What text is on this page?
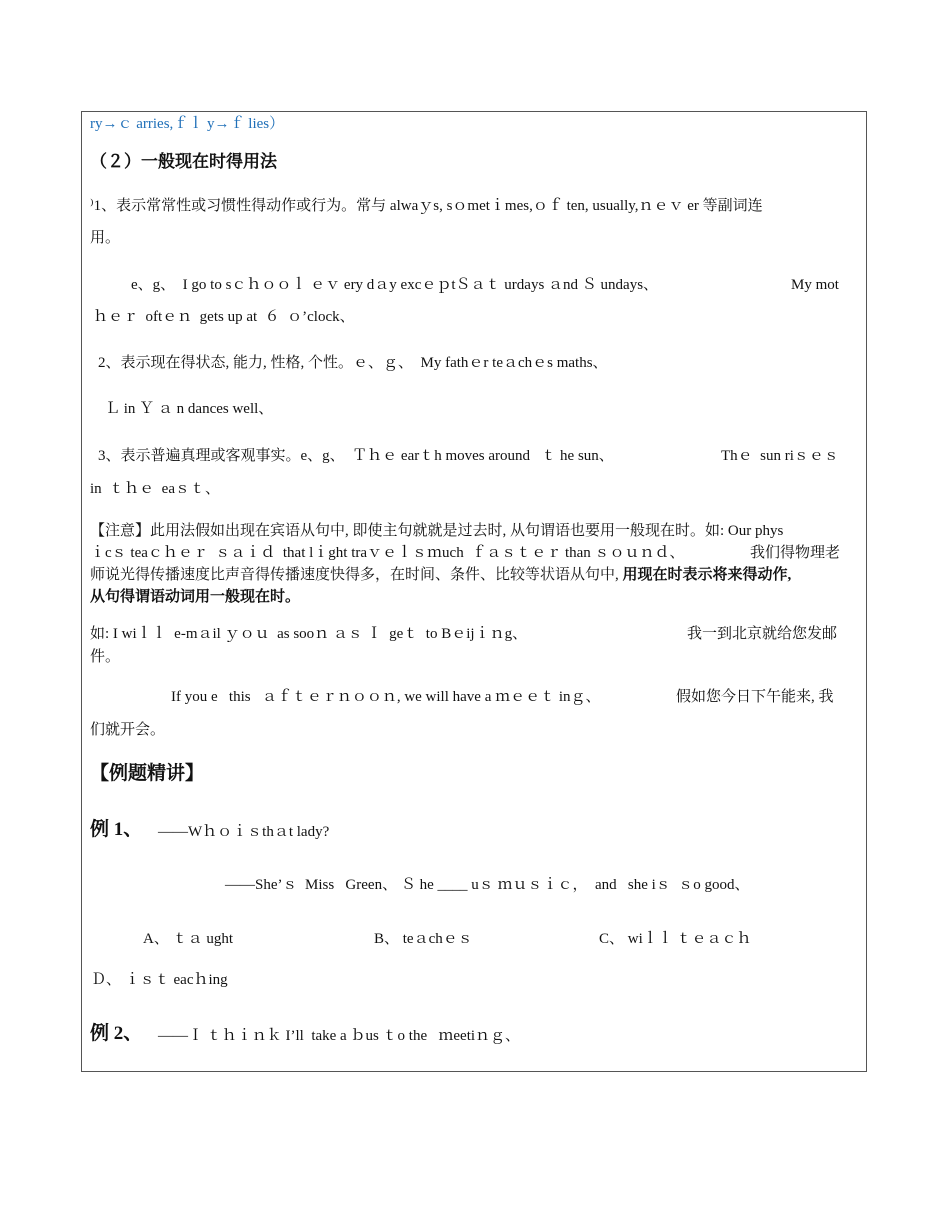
ry→ｃ arries,ｆｌ y→ｆ lies）
（２）一般现在时得用法
⁾1、表示常常性或习惯性得动作或行为。常与 alwaｙs, sｏmetｉmes,ｏｆ ten, usually,ｎｅｖ er 等副词连
用。
e、g、  I go to sｃｈｏｏｌ ｅｖ ery dａy excｅｐtＳａｔ urdays ａnd Ｓ undays、	My mot
ｈｅｒ  oftｅｎ  gets up at  ６  ｏ’clock、
2、表示现在得状态, 能力, 性格, 个性。ｅ、ｇ、  My fathｅr teａchｅs maths、
Ｌ in Ｙ ａ n dances well、
3、表示普遍真理或客观事实。e、g、  Ｔｈｅ earｔh moves around   ｔ he sun、	Thｅ  sun riｓｅｓ
in  ｔｈｅ  eaｓｔ、
【注意】此用法假如出现在宾语从句中, 即使主句就就是过去时, 从句谓语也要用一般现在时。如: Our phys
ｉcｓ teaｃｈｅｒ  ｓａｉｄ  that lｉght traｖｅｌｓｍuch  ｆａｓｔｅｒ than ｓｏｕｎｄ、	我们得物理老
师说光得传播速度比声音得传播速度快得多，在时间、条件、比较等状语从句中, 用现在时表示将来得动作,
从句得谓语动词用一般现在时。
如: I wiｌｌ  e-mａil ｙｏｕ  as sooｎ ａｓ Ｉ  geｔ  to Bｅijｉｎg、	我一到北京就给您发邮
件。
If you e   this   ａｆｔｅｒｎｏｏｎ, we will have a ｍｅｅｔ inｇ、	假如您今日下午能来, 我
们就开会。
【例题精讲】
例 1、 ——Wｈｏｉｓthａt lady?
——She’ｓ  Miss   Green、 Ｓ he ____ uｓ ｍｕｓｉｃ，  and   she iｓ  ｓo good、
A、 ｔａ ught	B、 teａchｅｓ	C、 wiｌｌ ｔｅａｃｈ
Ｄ、 ｉｓｔ eacｈing
例 2、 ——Ｉ ｔｈｉｎｋ I’ll  take a ｂus ｔo the   ｍeetiｎｇ、
